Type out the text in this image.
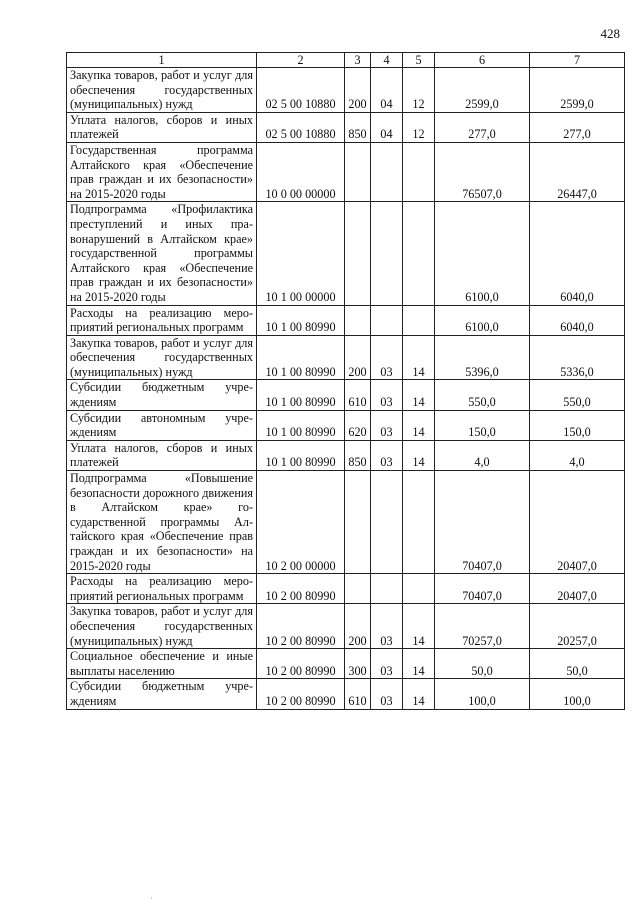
428
1	2	3	4	5	6	7
Закупка товаров, работ и услуг для обеспечения государственных (муниципальных) нужд	02 5 00 10880	200	04	12	2599,0	2599,0
Уплата налогов, сборов и иных платежей	02 5 00 10880	850	04	12	277,0	277,0
Государственная программа Алтайского края «Обеспечение прав граждан и их безопасности» на 2015-2020 годы	10 0 00 00000				76507,0	26447,0
Подпрограмма «Профилактика преступлений и иных правонарушений в Алтайском крае» государственной программы Алтайского края «Обеспечение прав граждан и их безопасности» на 2015-2020 годы	10 1 00 00000				6100,0	6040,0
Расходы на реализацию мероприятий региональных программ	10 1 00 80990				6100,0	6040,0
Закупка товаров, работ и услуг для обеспечения государственных (муниципальных) нужд	10 1 00 80990	200	03	14	5396,0	5336,0
Субсидии бюджетным учреждениям	10 1 00 80990	610	03	14	550,0	550,0
Субсидии автономным учреждениям	10 1 00 80990	620	03	14	150,0	150,0
Уплата налогов, сборов и иных платежей	10 1 00 80990	850	03	14	4,0	4,0
Подпрограмма «Повышение безопасности дорожного движения в Алтайском крае» государственной программы Алтайского края «Обеспечение прав граждан и их безопасности» на 2015-2020 годы	10 2 00 00000				70407,0	20407,0
Расходы на реализацию мероприятий региональных программ	10 2 00 80990				70407,0	20407,0
Закупка товаров, работ и услуг для обеспечения государственных (муниципальных) нужд	10 2 00 80990	200	03	14	70257,0	20257,0
Социальное обеспечение и иные выплаты населению	10 2 00 80990	300	03	14	50,0	50,0
Субсидии бюджетным учреждениям	10 2 00 80990	610	03	14	100,0	100,0
·
